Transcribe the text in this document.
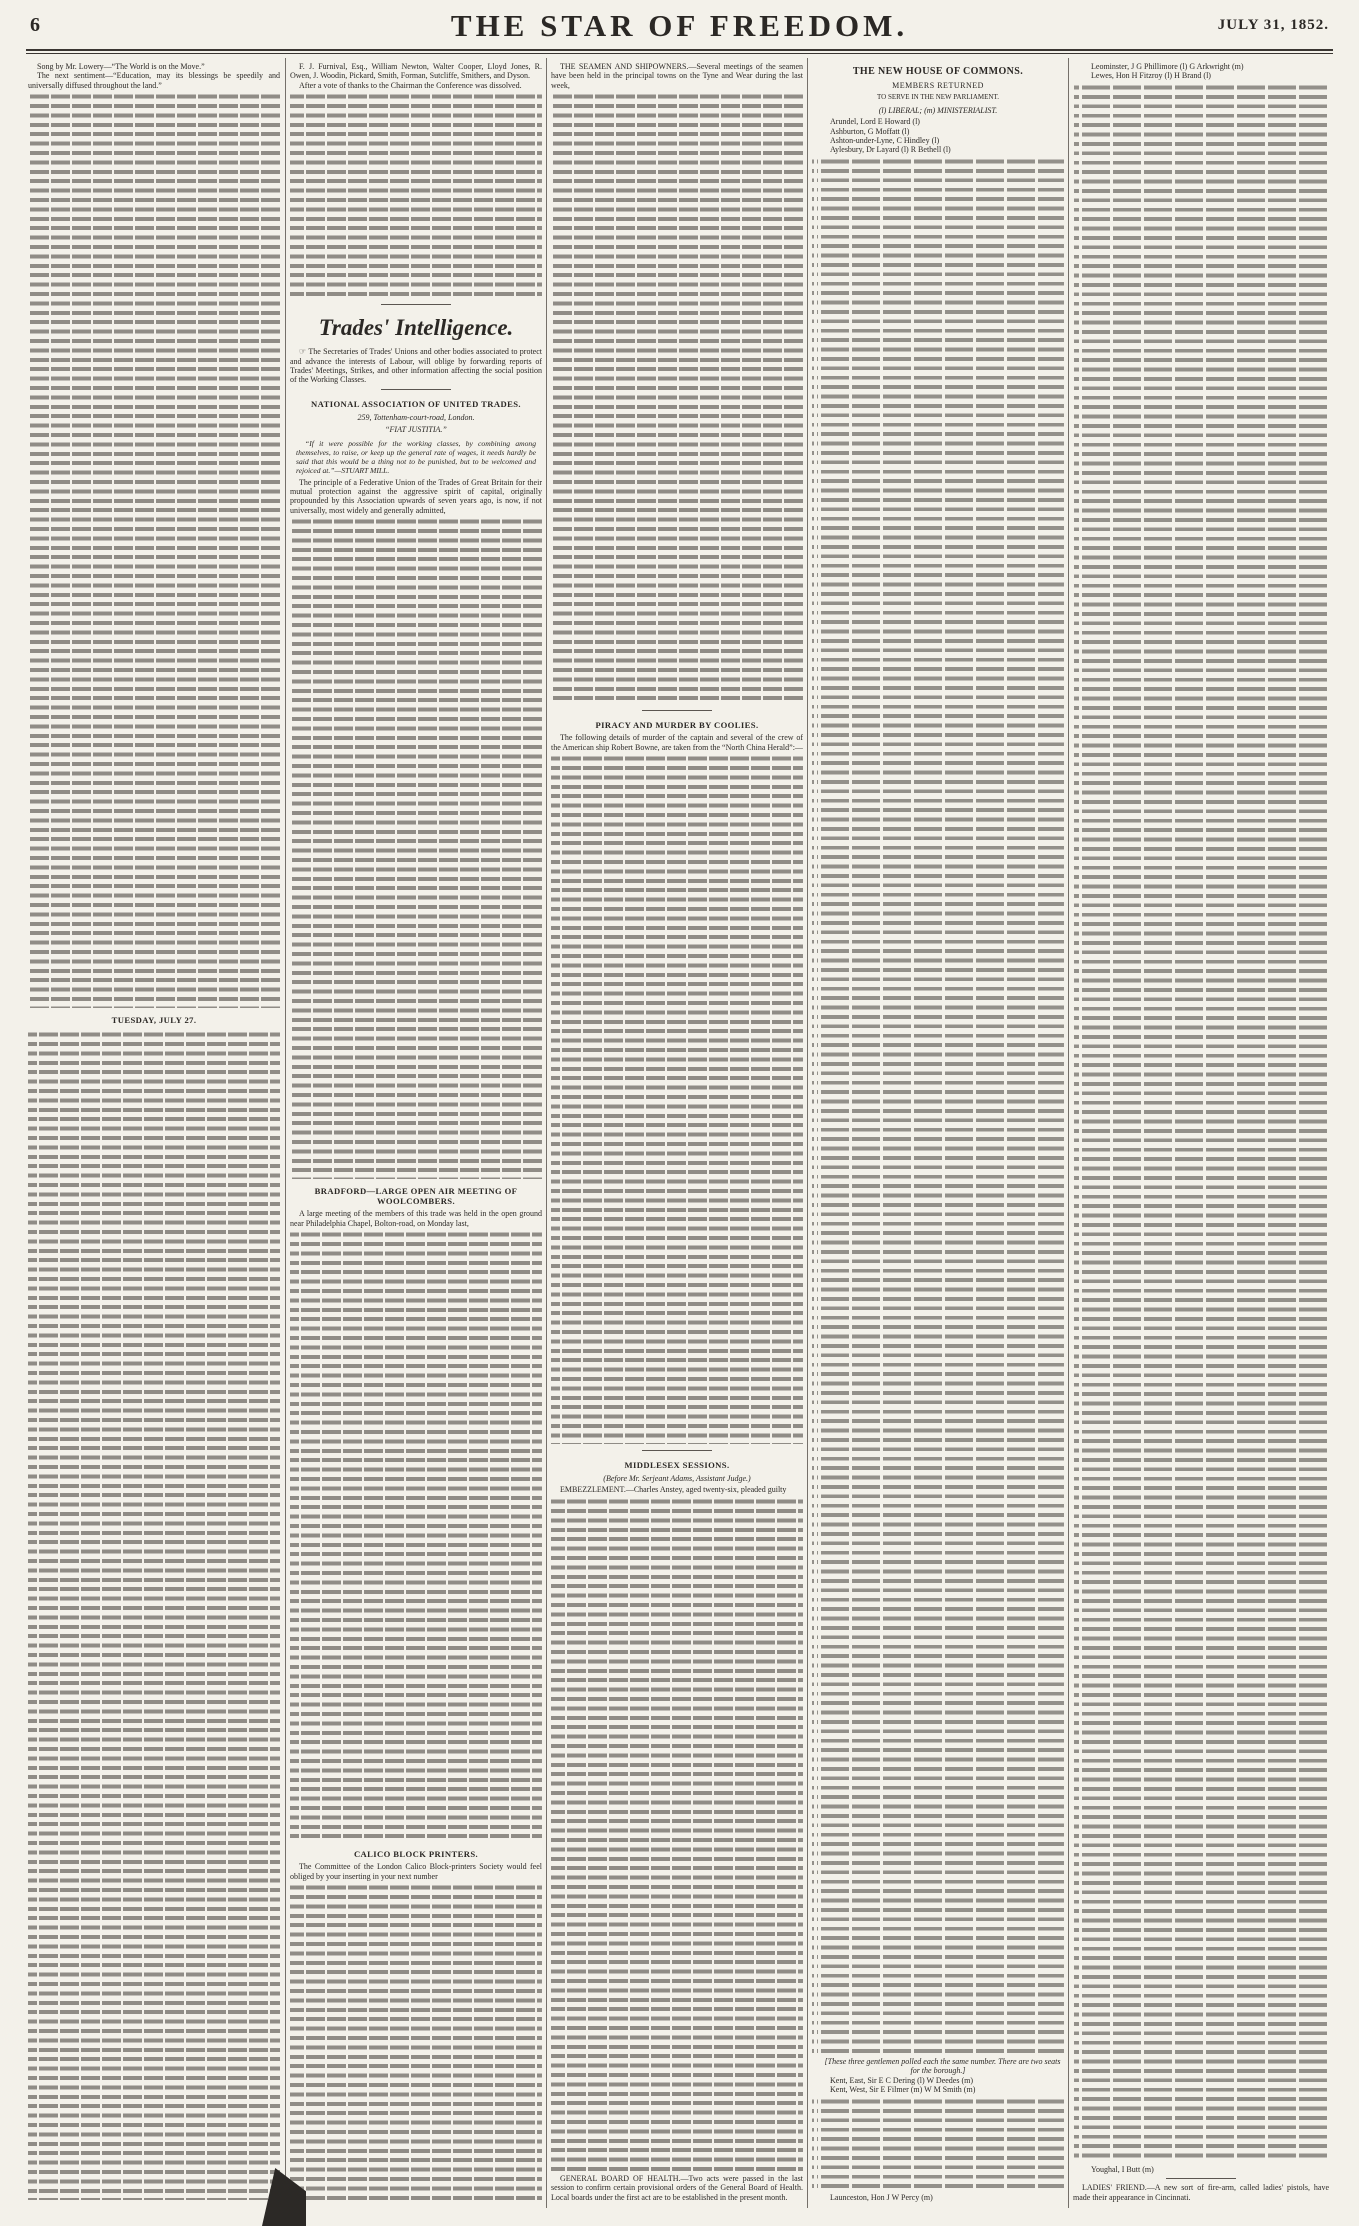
6	THE STAR OF FREEDOM.	JULY 31, 1852.

Song by Mr. Lowery—“The World is on the Move.”

The next sentiment—“Education, may its blessings be speedily and universally diffused throughout the land.”

TUESDAY, JULY 27.

F. J. Furnival, Esq., William Newton, Walter Cooper, Lloyd Jones, R. Owen, J. Woodin, Pickard, Smith, Forman, Sutcliffe, Smithers, and Dyson.

After a vote of thanks to the Chairman the Conference was dissolved.

Trades' Intelligence.

☞ The Secretaries of Trades' Unions and other bodies associated to protect and advance the interests of Labour, will oblige by forwarding reports of Trades' Meetings, Strikes, and other information affecting the social position of the Working Classes.

NATIONAL ASSOCIATION OF UNITED TRADES.
259, Tottenham-court-road, London.
“FIAT JUSTITIA.”

“If it were possible for the working classes, by combining among themselves, to raise, or keep up the general rate of wages, it needs hardly be said that this would be a thing not to be punished, but to be welcomed and rejoiced at.”—STUART MILL.

The principle of a Federative Union of the Trades of Great Britain for their mutual protection against the aggressive spirit of capital, originally propounded by this Association upwards of seven years ago, is now, if not universally, most widely and generally admitted,

BRADFORD—LARGE OPEN AIR MEETING OF WOOLCOMBERS.

A large meeting of the members of this trade was held in the open ground near Philadelphia Chapel, Bolton-road, on Monday last,

CALICO BLOCK PRINTERS.

The Committee of the London Calico Block-printers Society would feel obliged by your inserting in your next number

THE SEAMEN AND SHIPOWNERS.—Several meetings of the seamen have been held in the principal towns on the Tyne and Wear during the last week,

PIRACY AND MURDER BY COOLIES.

The following details of murder of the captain and several of the crew of the American ship Robert Bowne, are taken from the “North China Herald”:—

MIDDLESEX SESSIONS.
(Before Mr. Serjeant Adams, Assistant Judge.)

EMBEZZLEMENT.—Charles Anstey, aged twenty-six, pleaded guilty

GENERAL BOARD OF HEALTH.—Two acts were passed in the last session to confirm certain provisional orders of the General Board of Health. Local boards under the first act are to be established in the present month.

THE NEW HOUSE OF COMMONS.
MEMBERS RETURNED
TO SERVE IN THE NEW PARLIAMENT.
(l) LIBERAL; (m) MINISTERIALIST.

Arundel, Lord E Howard (l)

Ashburton, G Moffatt (l)

Ashton-under-Lyne, C Hindley (l)

Aylesbury, Dr Layard (l) R Bethell (l)

[These three gentlemen polled each the same number. There are two seats for the borough.]

Kent, East, Sir E C Dering (l) W Deedes (m)

Kent, West, Sir E Filmer (m) W M Smith (m)

Launceston, Hon J W Percy (m)

Leominster, J G Phillimore (l) G Arkwright (m)

Lewes, Hon H Fitzroy (l) H Brand (l)

Youghal, I Butt (m)

LADIES' FRIEND.—A new sort of fire-arm, called ladies' pistols, have made their appearance in Cincinnati.
